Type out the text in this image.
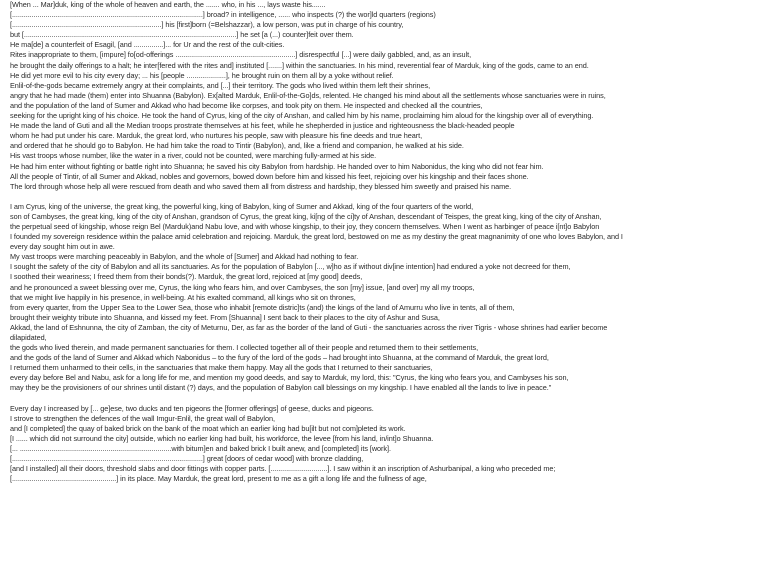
[When ... Mar]duk, king of the whole of heaven and earth, the ....... who, in his ..., lays waste his.......
[.................................................................................................] broad? in intelligence, ...... who inspects (?) the wor]ld quarters (regions)
[............................................................................] his [first]born (=Belshazzar), a low person, was put in charge of his country,
but [............................................................................................................] he set [a (...) counter]feit over them.
He ma[de] a counterfeit of Esagil, [and ...............]... for Ur and the rest of the cult-cities.
Rites inappropriate to them, [impure] fo[od-offerings .............................................................] disrespectful [...] were daily gabbled, and, as an insult,
he brought the daily offerings to a halt; he inter[fered with the rites and] instituted [.......] within the sanctuaries. In his mind, reverential fear of Marduk, king of the gods, came to an end.
He did yet more evil to his city every day; ... his [people ....................], he brought ruin on them all by a yoke without relief.
Enlil-of-the-gods became extremely angry at their complaints, and [...] their territory. The gods who lived within them left their shrines,
angry that he had made (them) enter into Shuanna (Babylon). Ex[alted Marduk, Enlil-of-the-Go]ds, relented. He changed his mind about all the settlements whose sanctuaries were in ruins,
and the population of the land of Sumer and Akkad who had become like corpses, and took pity on them. He inspected and checked all the countries,
seeking for the upright king of his choice. He took the hand of Cyrus, king of the city of Anshan, and called him by his name, proclaiming him aloud for the kingship over all of everything.
He made the land of Guti and all the Median troops prostrate themselves at his feet, while he shepherded in justice and righteousness the black-headed people
whom he had put under his care. Marduk, the great lord, who nurtures his people, saw with pleasure his fine deeds and true heart,
and ordered that he should go to Babylon. He had him take the road to Tintir (Babylon), and, like a friend and companion, he walked at his side.
His vast troops whose number, like the water in a river, could not be counted, were marching fully-armed at his side.
He had him enter without fighting or battle right into Shuanna; he saved his city Babylon from hardship. He handed over to him Nabonidus, the king who did not fear him.
All the people of Tintir, of all Sumer and Akkad, nobles and governors, bowed down before him and kissed his feet, rejoicing over his kingship and their faces shone.
The lord through whose help all were rescued from death and who saved them all from distress and hardship, they blessed him sweetly and praised his name.
I am Cyrus, king of the universe, the great king, the powerful king, king of Babylon, king of Sumer and Akkad, king of the four quarters of the world,
son of Cambyses, the great king, king of the city of Anshan, grandson of Cyrus, the great king, ki[ng of the ci]ty of Anshan, descendant of Teispes, the great king, king of the city of Anshan,
the perpetual seed of kingship, whose reign Bel (Marduk)and Nabu love, and with whose kingship, to their joy, they concern themselves. When I went as harbinger of peace i[nt]o Babylon
I founded my sovereign residence within the palace amid celebration and rejoicing. Marduk, the great lord, bestowed on me as my destiny the great magnanimity of one who loves Babylon, and I
every day sought him out in awe.
My vast troops were marching peaceably in Babylon, and the whole of [Sumer] and Akkad had nothing to fear.
I sought the safety of the city of Babylon and all its sanctuaries. As for the population of Babylon [..., w]ho as if without div[ine intention] had endured a yoke not decreed for them,
I soothed their weariness; I freed them from their bonds(?). Marduk, the great lord, rejoiced at [my good] deeds,
and he pronounced a sweet blessing over me, Cyrus, the king who fears him, and over Cambyses, the son [my] issue, [and over] my all my troops,
that we might live happily in his presence, in well-being. At his exalted command, all kings who sit on thrones,
from every quarter, from the Upper Sea to the Lower Sea, those who inhabit [remote distric]ts (and) the kings of the land of Amurru who live in tents, all of them,
brought their weighty tribute into Shuanna, and kissed my feet. From [Shuanna] I sent back to their places to the city of Ashur and Susa,
Akkad, the land of Eshnunna, the city of Zamban, the city of Meturnu, Der, as far as the border of the land of Guti - the sanctuaries across the river Tigris - whose shrines had earlier become
dilapidated,
the gods who lived therein, and made permanent sanctuaries for them. I collected together all of their people and returned them to their settlements,
and the gods of the land of Sumer and Akkad which Nabonidus – to the fury of the lord of the gods – had brought into Shuanna, at the command of Marduk, the great lord,
I returned them unharmed to their cells, in the sanctuaries that make them happy. May all the gods that I returned to their sanctuaries,
every day before Bel and Nabu, ask for a long life for me, and mention my good deeds, and say to Marduk, my lord, this: "Cyrus, the king who fears you, and Cambyses his son,
may they be the provisioners of our shrines until distant (?) days, and the population of Babylon call blessings on my kingship. I have enabled all the lands to live in peace."
Every day I increased by [... ge]ese, two ducks and ten pigeons the [former offerings] of geese, ducks and pigeons.
I strove to strengthen the defences of the wall Imgur-Enlil, the great wall of Babylon,
and [I completed] the quay of baked brick on the bank of the moat which an earlier king had bu[ilt but not com]pleted its work.
[I ...... which did not surround the city] outside, which no earlier king had built, his workforce, the levee [from his land, in/int]o Shuanna.
[... .............................................................................with bitum]en and baked brick I built anew, and [completed] its [work].
[.................................................................................................] great [doors of cedar wood] with bronze cladding,
[and I installed] all their doors, threshold slabs and door fittings with copper parts. [.............................]. I saw within it an inscription of Ashurbanipal, a king who preceded me;
[.....................................................] in its place. May Marduk, the great lord, present to me as a gift a long life and the fullness of age,
